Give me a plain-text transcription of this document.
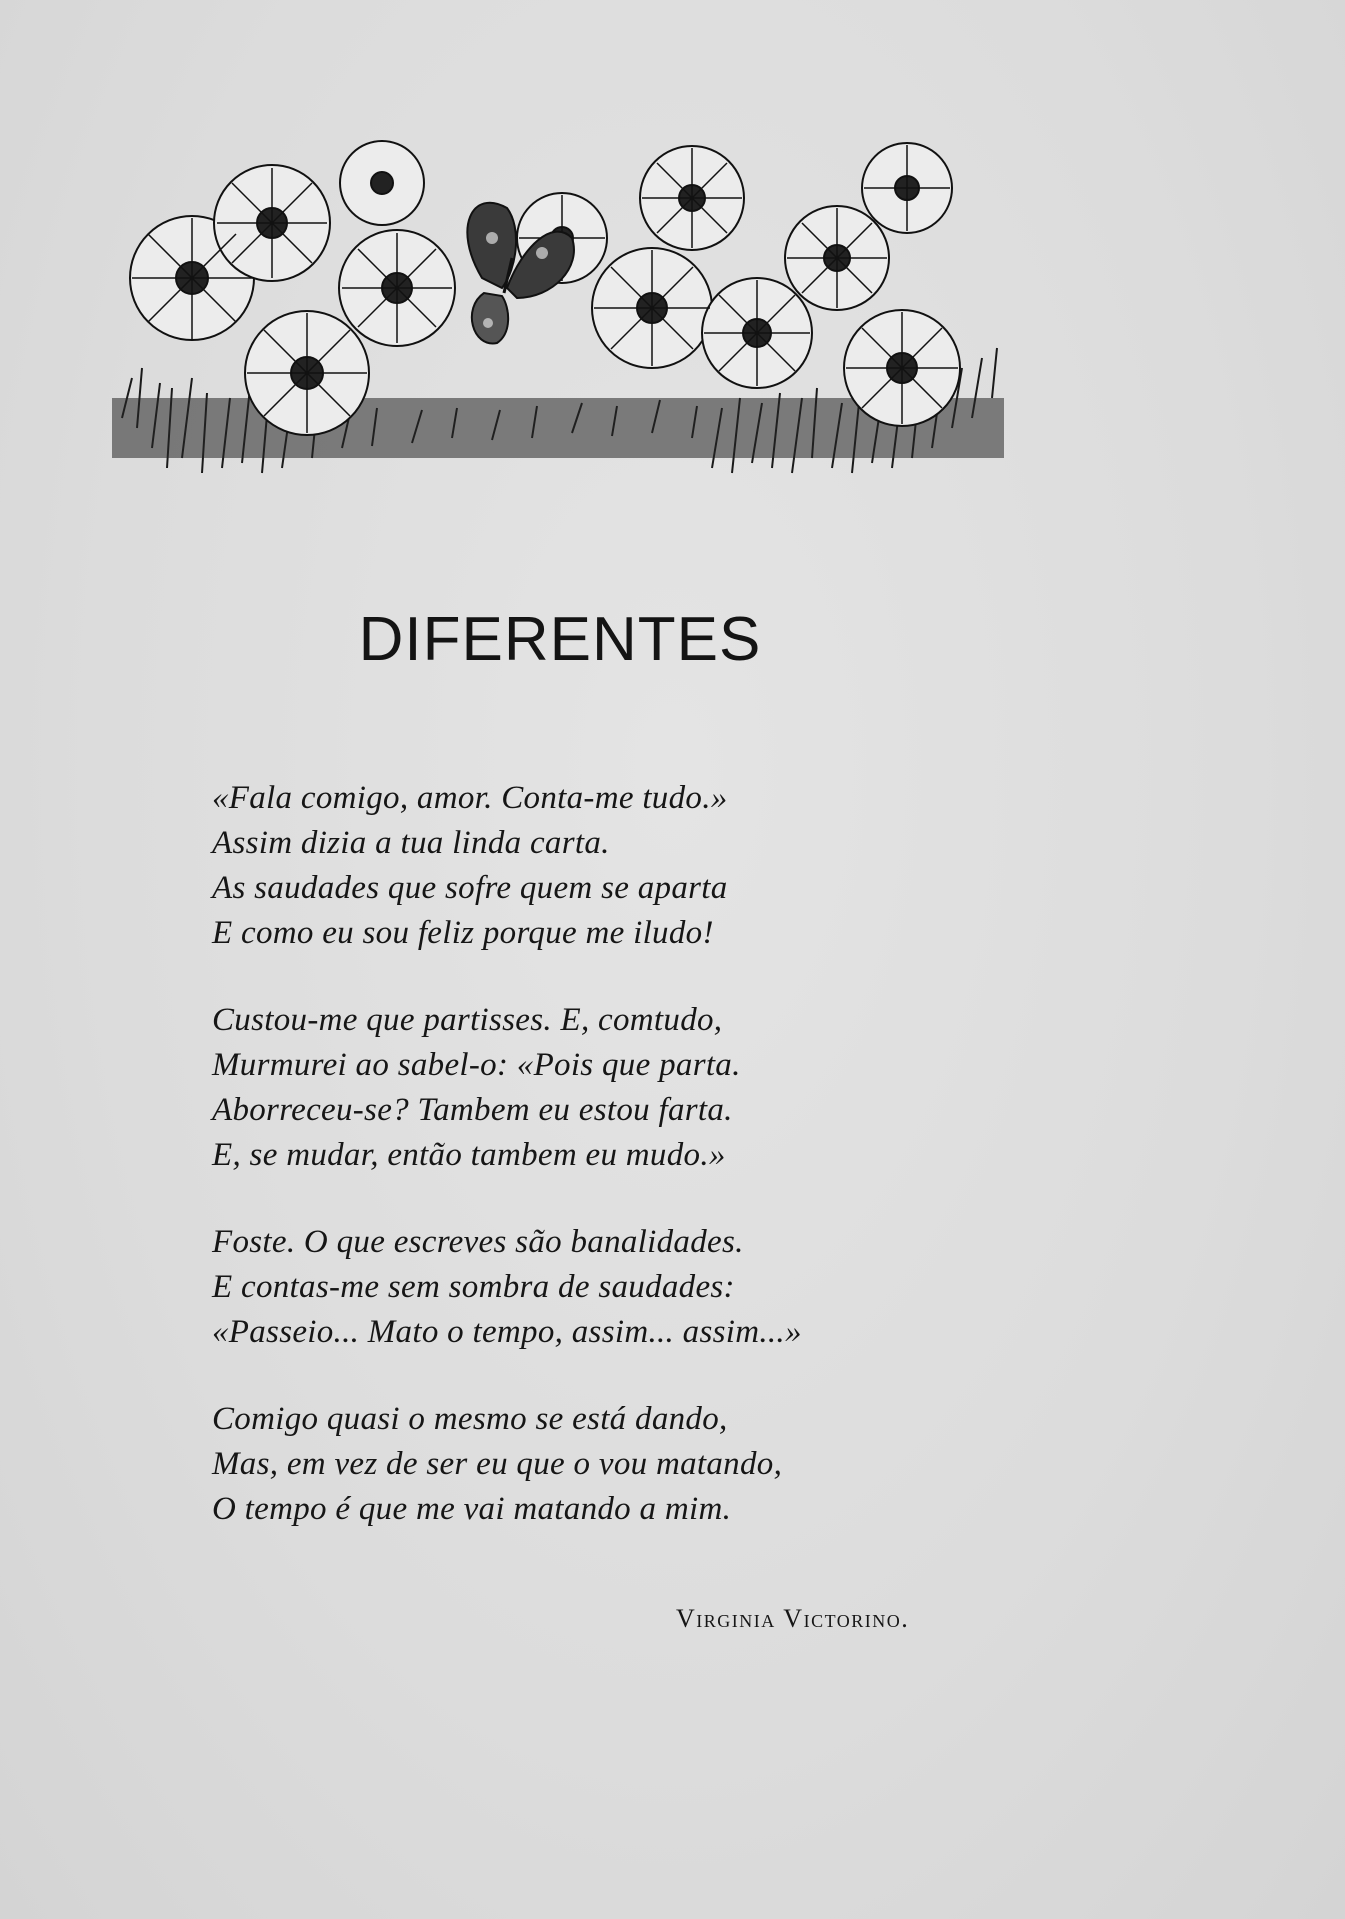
DIFERENTES
«Fala comigo, amor. Conta-me tudo.»
Assim dizia a tua linda carta.
As saudades que sofre quem se aparta
E como eu sou feliz porque me iludo!
Custou-me que partisses. E, comtudo,
Murmurei ao sabel-o: «Pois que parta.
Aborreceu-se? Tambem eu estou farta.
E, se mudar, então tambem eu mudo.»
Foste. O que escreves são banalidades.
E contas-me sem sombra de saudades:
«Passeio... Mato o tempo, assim... assim...»
Comigo quasi o mesmo se está dando,
Mas, em vez de ser eu que o vou matando,
O tempo é que me vai matando a mim.
Virginia Victorino.
